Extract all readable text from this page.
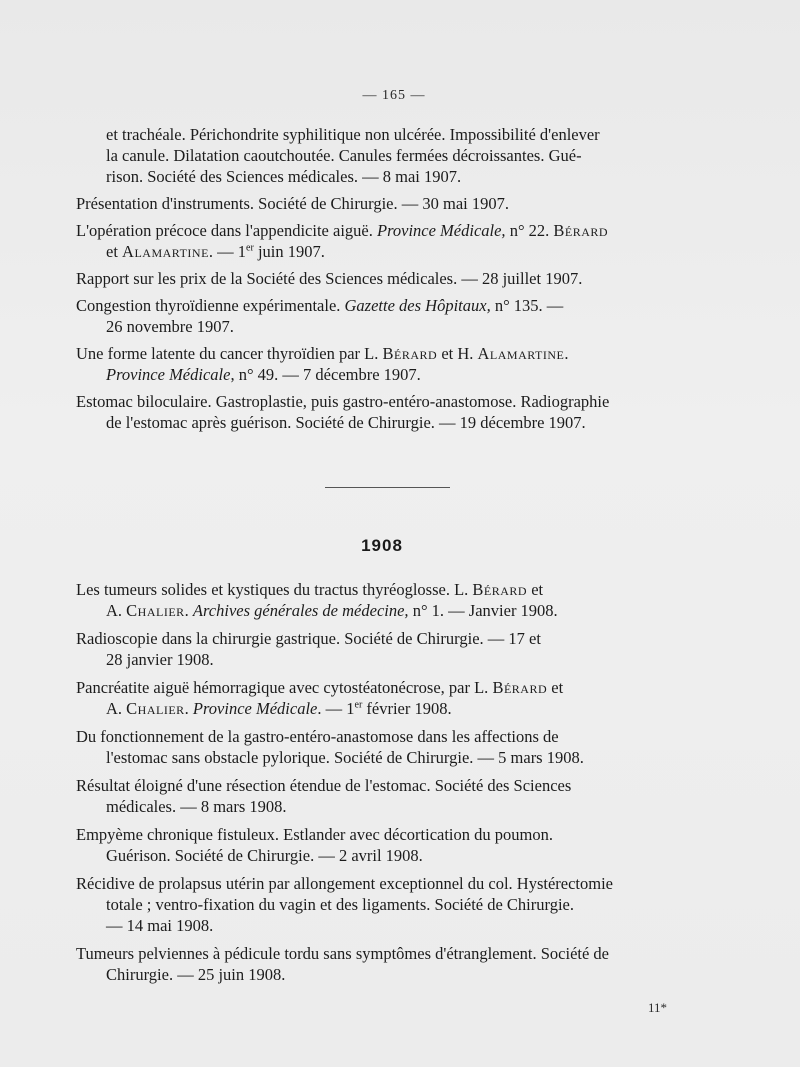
— 165 —
et trachéale. Périchondrite syphilitique non ulcérée. Impossibilité d'enlever
la canule. Dilatation caoutchoutée. Canules fermées décroissantes. Gué-
rison. Société des Sciences médicales. — 8 mai 1907.
Présentation d'instruments. Société de Chirurgie. — 30 mai 1907.
L'opération précoce dans l'appendicite aiguë. Province Médicale, n° 22. Bérard
et Alamartine. — 1er juin 1907.
Rapport sur les prix de la Société des Sciences médicales. — 28 juillet 1907.
Congestion thyroïdienne expérimentale. Gazette des Hôpitaux, n° 135. —
26 novembre 1907.
Une forme latente du cancer thyroïdien par L. Bérard et H. Alamartine.
Province Médicale, n° 49. — 7 décembre 1907.
Estomac biloculaire. Gastroplastie, puis gastro-entéro-anastomose. Radiographie
de l'estomac après guérison. Société de Chirurgie. — 19 décembre 1907.
1908
Les tumeurs solides et kystiques du tractus thyréoglosse. L. Bérard et
A. Chalier. Archives générales de médecine, n° 1. — Janvier 1908.
Radioscopie dans la chirurgie gastrique. Société de Chirurgie. — 17 et
28 janvier 1908.
Pancréatite aiguë hémorragique avec cytostéatonécrose, par L. Bérard et
A. Chalier. Province Médicale. — 1er février 1908.
Du fonctionnement de la gastro-entéro-anastomose dans les affections de
l'estomac sans obstacle pylorique. Société de Chirurgie. — 5 mars 1908.
Résultat éloigné d'une résection étendue de l'estomac. Société des Sciences
médicales. — 8 mars 1908.
Empyème chronique fistuleux. Estlander avec décortication du poumon.
Guérison. Société de Chirurgie. — 2 avril 1908.
Récidive de prolapsus utérin par allongement exceptionnel du col. Hystérectomie
totale ; ventro-fixation du vagin et des ligaments. Société de Chirurgie.
— 14 mai 1908.
Tumeurs pelviennes à pédicule tordu sans symptômes d'étranglement. Société de
Chirurgie. — 25 juin 1908.
11*
